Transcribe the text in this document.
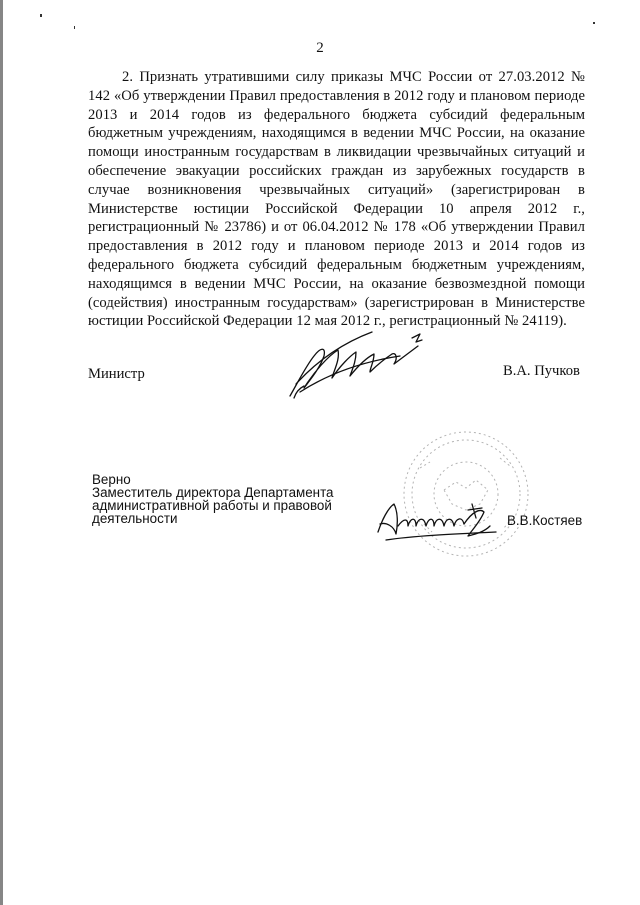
2

2. Признать утратившими силу приказы МЧС России от 27.03.2012 № 142 «Об утверждении Правил предоставления в 2012 году и плановом периоде 2013 и 2014 годов из федерального бюджета субсидий федеральным бюджетным учреждениям, находящимся в ведении МЧС России, на оказание помощи иностранным государствам в ликвидации чрезвычайных ситуаций и обеспечение эвакуации российских граждан из зарубежных государств в случае возникновения чрезвычайных ситуаций» (зарегистрирован в Министерстве юстиции Российской Федерации 10 апреля 2012 г., регистрационный № 23786) и от 06.04.2012 № 178 «Об утверждении Правил предоставления в 2012 году и плановом периоде 2013 и 2014 годов из федерального бюджета субсидий федеральным бюджетным учреждениям, находящимся в ведении МЧС России, на оказание безвозмездной помощи (содействия) иностранным государствам» (зарегистрирован в Министерстве юстиции Российской Федерации 12 мая 2012 г., регистрационный № 24119).

Министр	В.А. Пучков
Верно
Заместитель директора Департамента административной работы и правовой деятельности	В.В.Костяев
